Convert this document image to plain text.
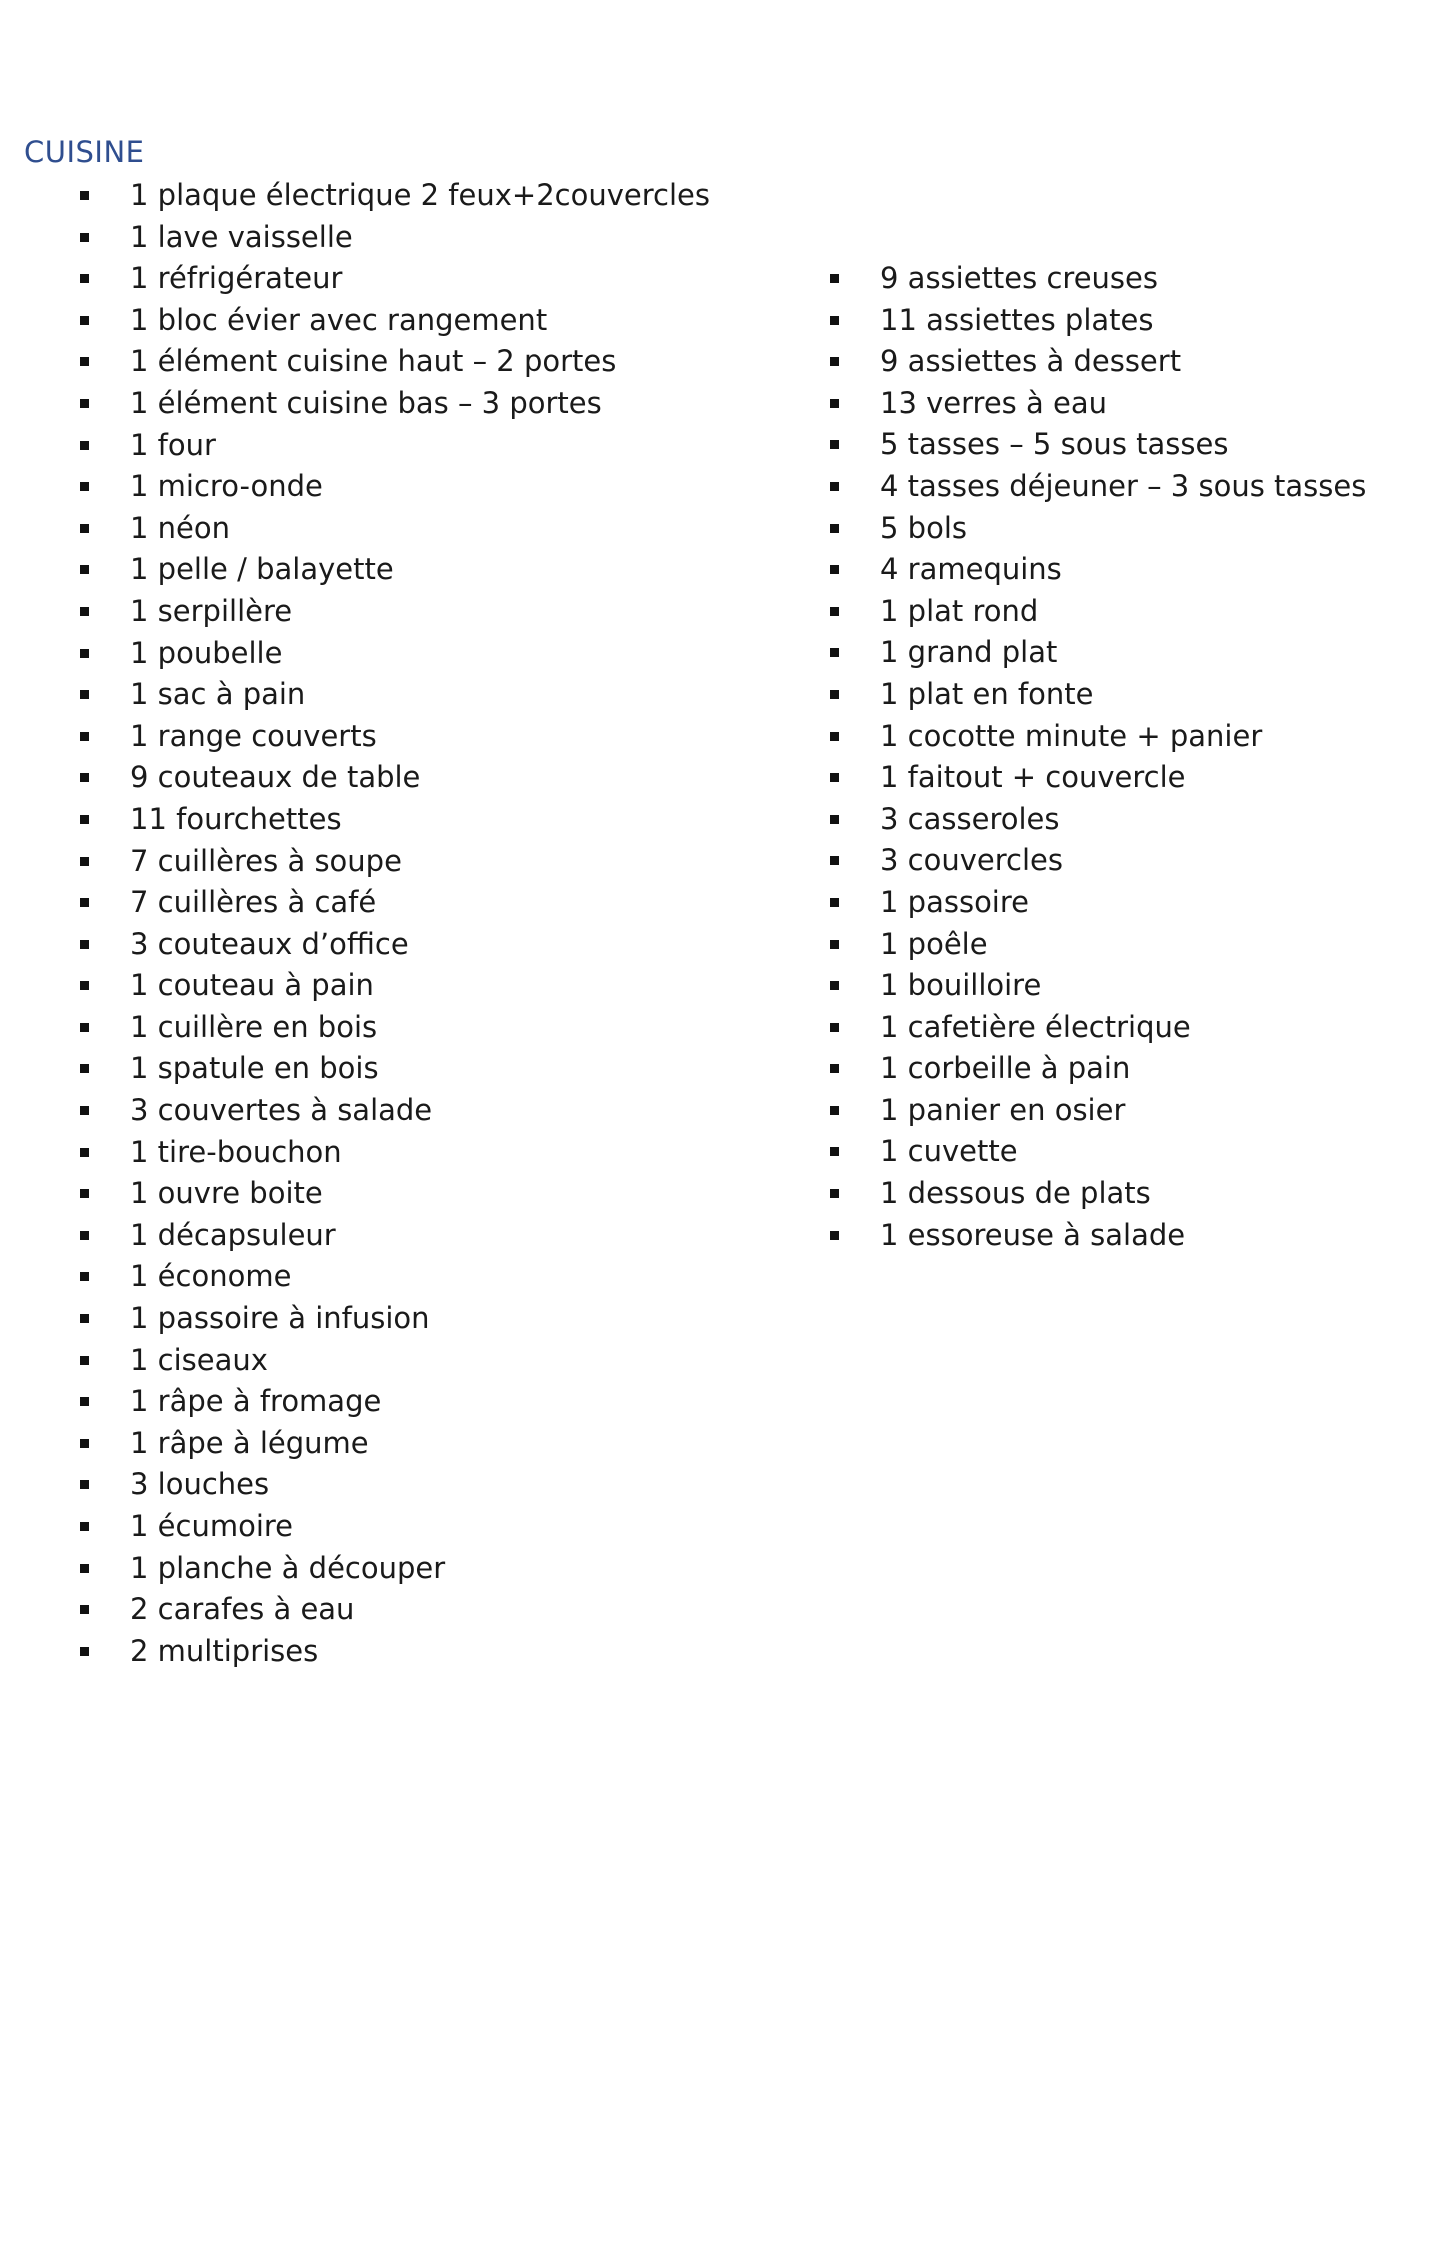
CUISINE
1 plaque électrique 2 feux+2couvercles
1 lave vaisselle
1 réfrigérateur
1 bloc évier avec rangement
1 élément cuisine haut – 2 portes
1 élément cuisine bas – 3 portes
1 four
1 micro-onde
1 néon
1 pelle / balayette
1 serpillère
1 poubelle
1 sac à pain
1 range couverts
9 couteaux de table
11 fourchettes
7 cuillères à soupe
7 cuillères à café
3 couteaux d’office
1 couteau à pain
1 cuillère en bois
1 spatule en bois
3 couvertes à salade
1 tire-bouchon
1 ouvre boite
1 décapsuleur
1 économe
1 passoire à infusion
1 ciseaux
1 râpe à fromage
1 râpe à légume
3 louches
1 écumoire
1 planche à découper
2 carafes à eau
2 multiprises
9 assiettes creuses
11 assiettes plates
9 assiettes à dessert
13 verres à eau
5 tasses – 5 sous tasses
4 tasses déjeuner – 3 sous tasses
5 bols
4 ramequins
1 plat rond
1 grand plat
1 plat en fonte
1 cocotte minute + panier
1 faitout + couvercle
3 casseroles
3 couvercles
1 passoire
1 poêle
1 bouilloire
1 cafetière électrique
1 corbeille à pain
1 panier en osier
1 cuvette
1 dessous de plats
1 essoreuse à salade
